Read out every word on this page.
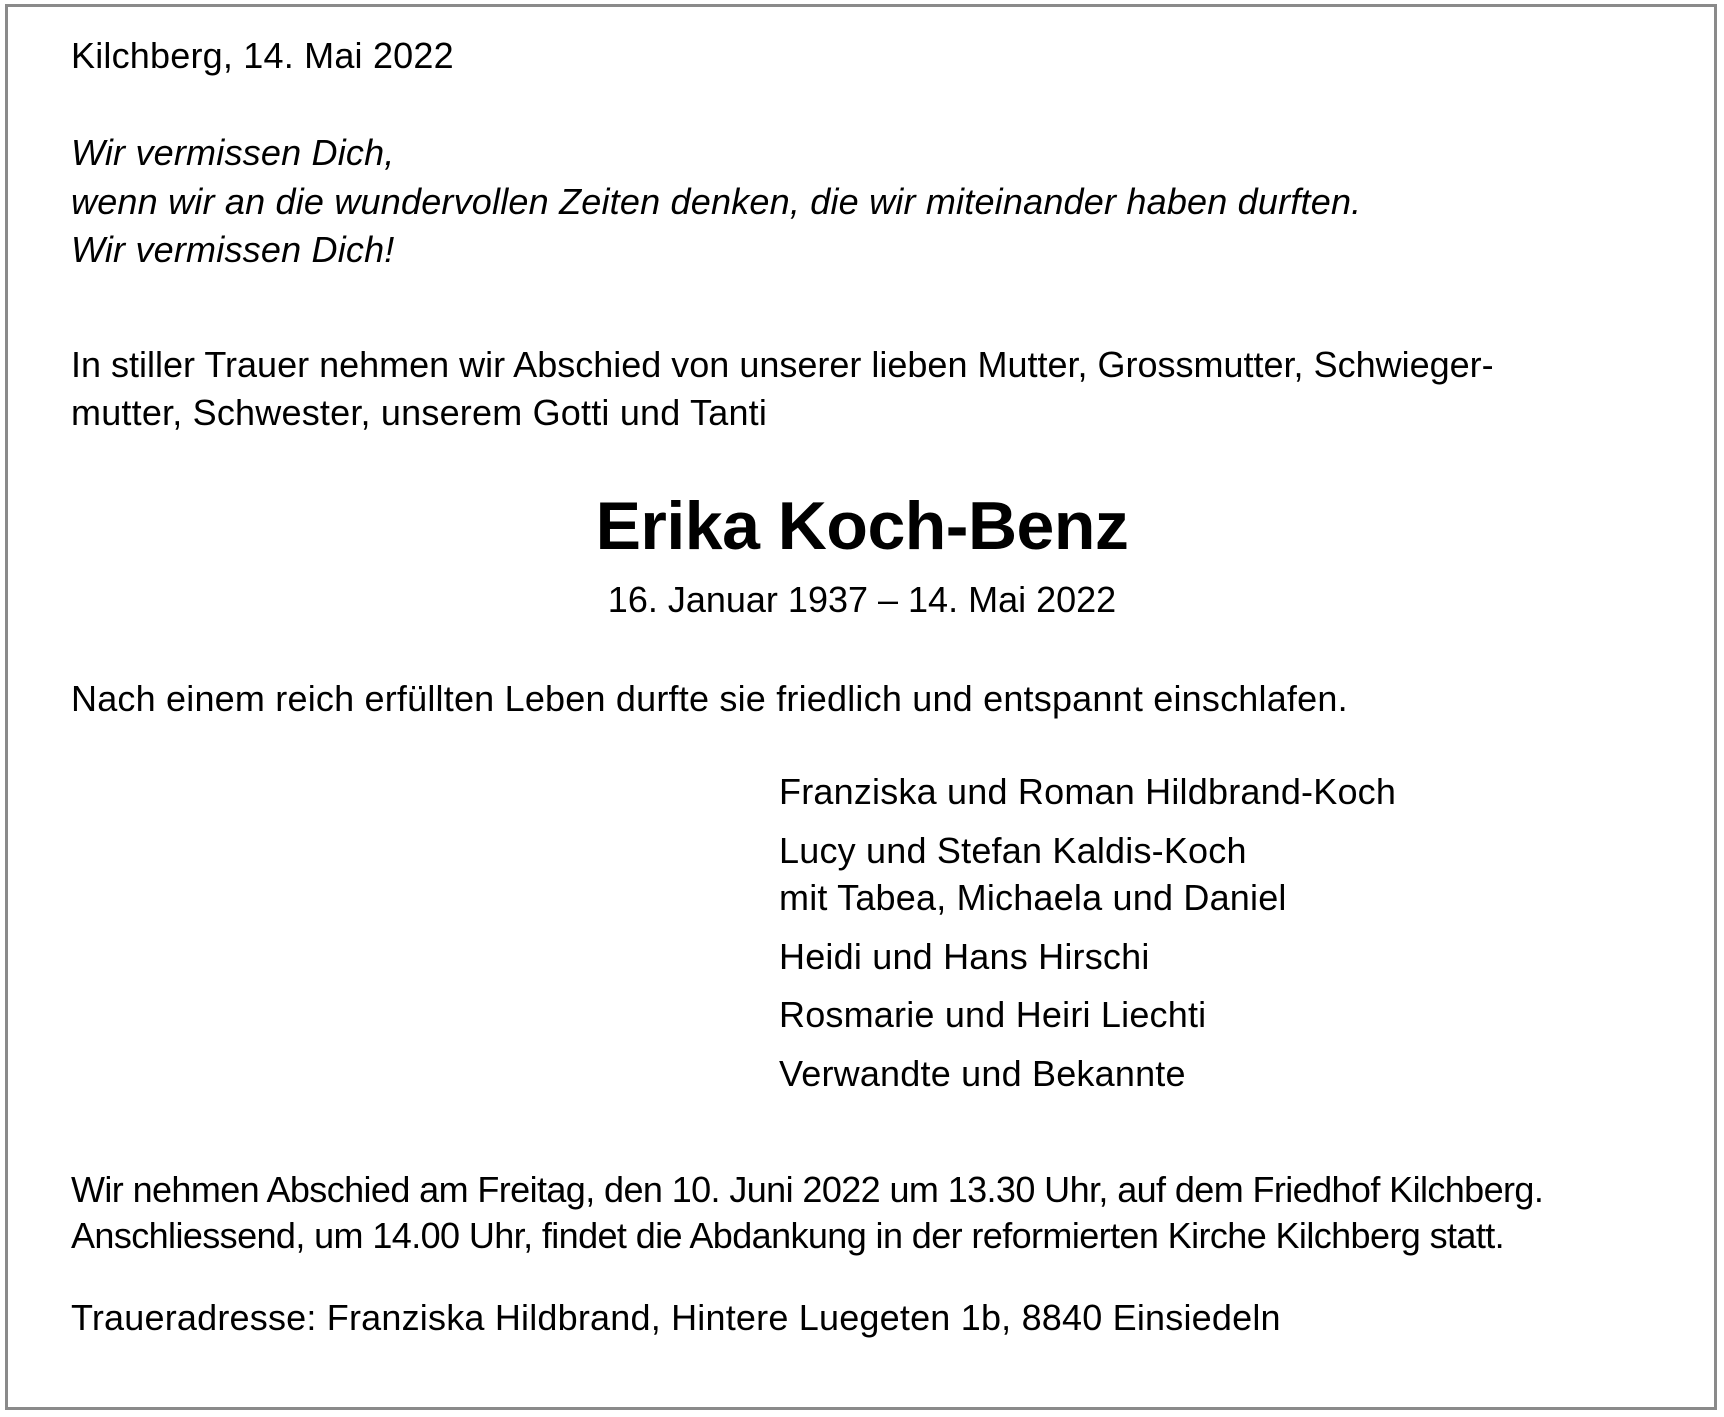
Kilchberg, 14. Mai 2022
Wir vermissen Dich,
wenn wir an die wundervollen Zeiten denken, die wir miteinander haben durften.
Wir vermissen Dich!
In stiller Trauer nehmen wir Abschied von unserer lieben Mutter, Grossmutter, Schwieger-
mutter, Schwester, unserem Gotti und Tanti
Erika Koch-Benz
16. Januar 1937 – 14. Mai 2022
Nach einem reich erfüllten Leben durfte sie friedlich und entspannt einschlafen.
Franziska und Roman Hildbrand-Koch
Lucy und Stefan Kaldis-Koch
mit Tabea, Michaela und Daniel
Heidi und Hans Hirschi
Rosmarie und Heiri Liechti
Verwandte und Bekannte
Wir nehmen Abschied am Freitag, den 10. Juni 2022 um 13.30 Uhr, auf dem Friedhof Kilchberg.
Anschliessend, um 14.00 Uhr, findet die Abdankung in der reformierten Kirche Kilchberg statt.
Traueradresse: Franziska Hildbrand, Hintere Luegeten 1b, 8840 Einsiedeln
